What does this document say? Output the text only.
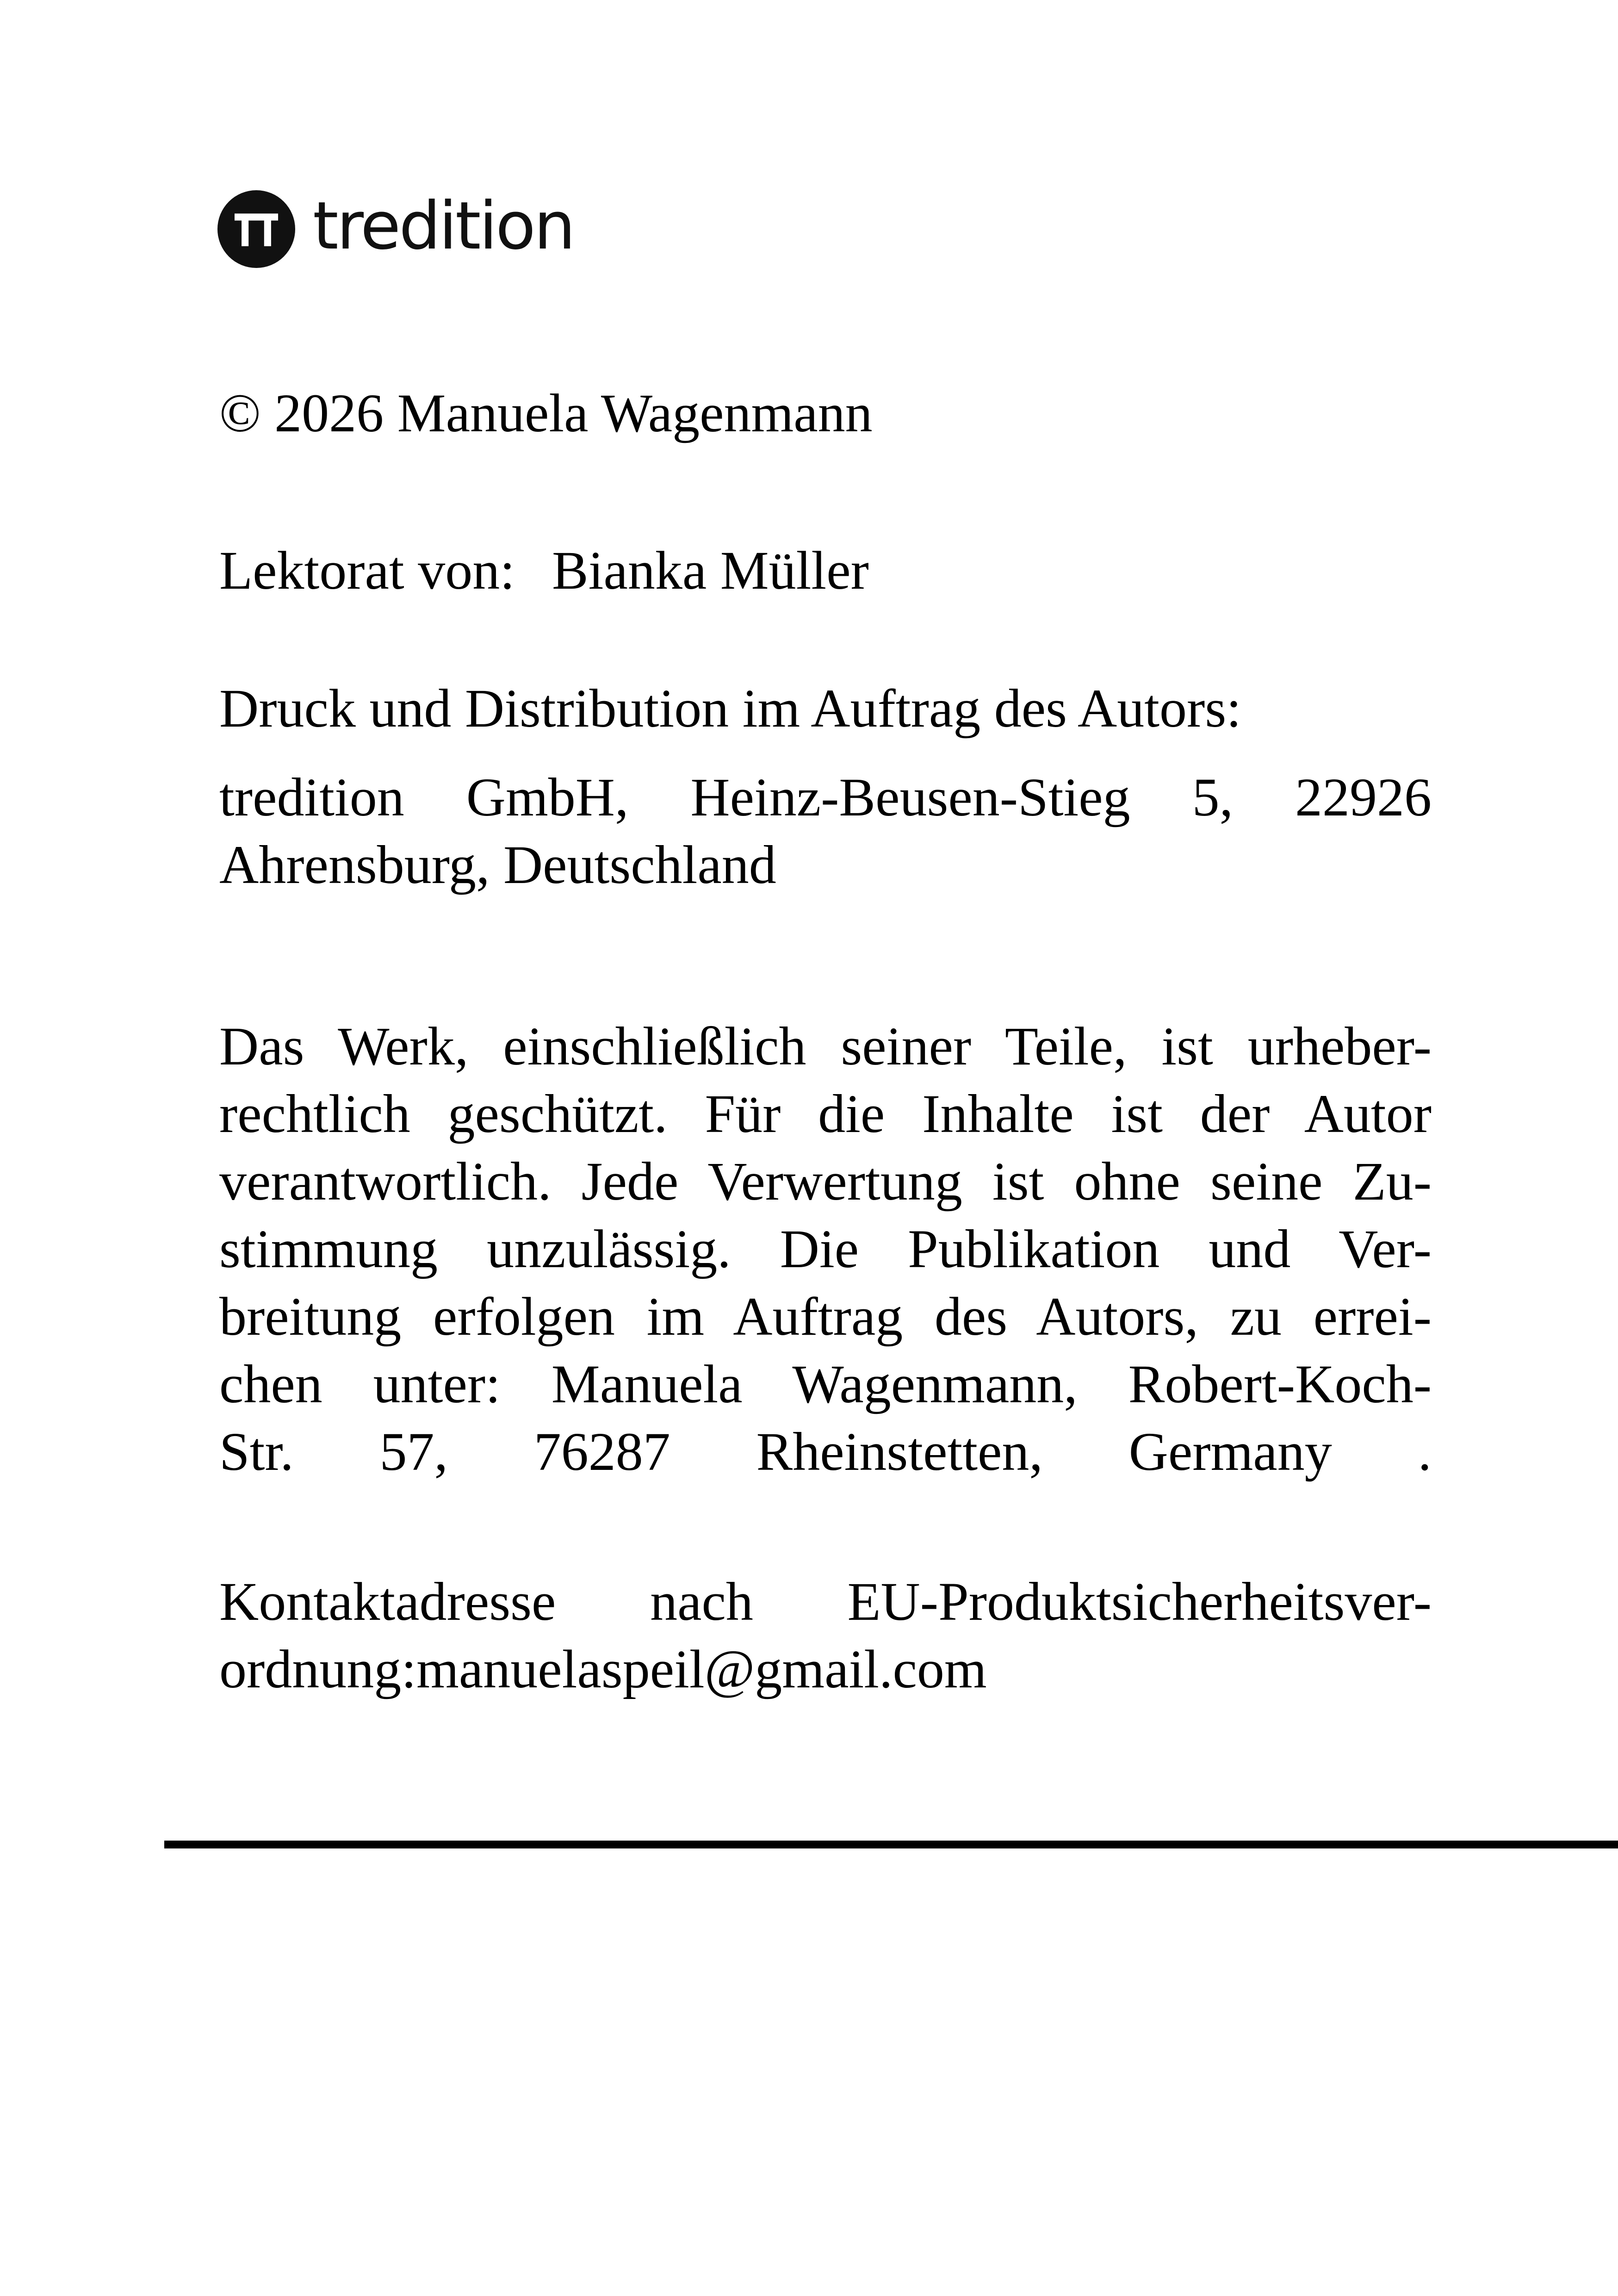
tredition
© 2026 Manuela Wagenmann
Lektorat von: Bianka Müller
Druck und Distribution im Auftrag des Autors:
tredition GmbH, Heinz-Beusen-Stieg 5, 22926
Ahrensburg, Deutschland
Das Werk, einschließlich seiner Teile, ist urheber-
rechtlich geschützt. Für die Inhalte ist der Autor
verantwortlich. Jede Verwertung ist ohne seine Zu-
stimmung unzulässig. Die Publikation und Ver-
breitung erfolgen im Auftrag des Autors, zu errei-
chen unter: Manuela Wagenmann, Robert-Koch-
Str. 57, 76287 Rheinstetten, Germany .
Kontaktadresse nach EU-Produktsicherheitsver-
ordnung:manuelaspeil@gmail.com
